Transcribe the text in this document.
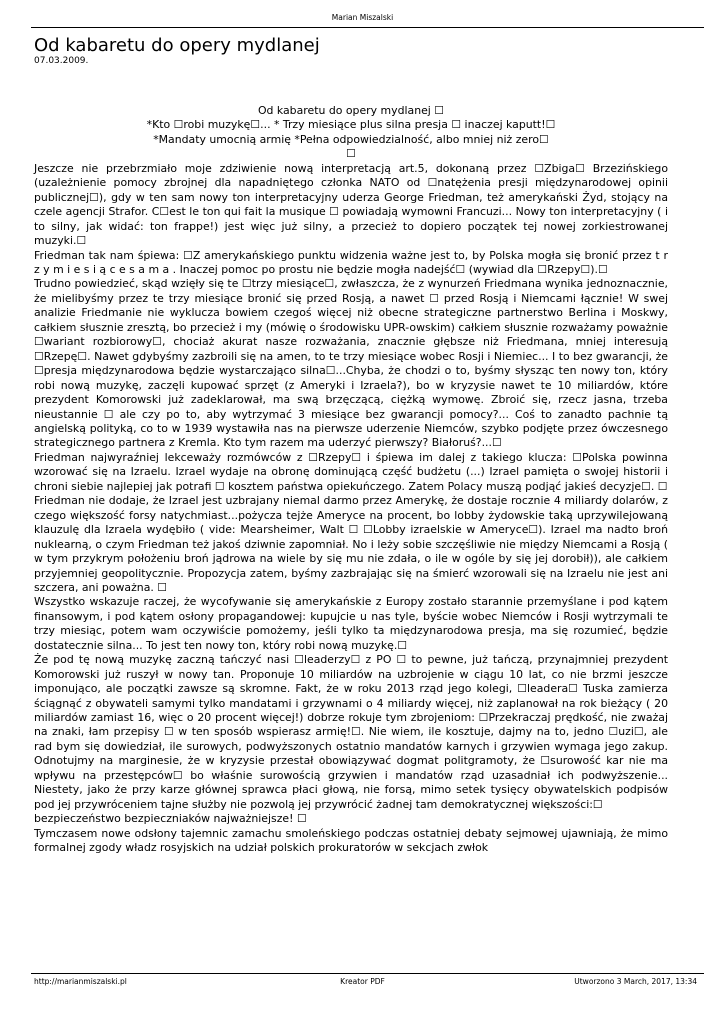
Marian Miszalski
Od kabaretu do opery mydlanej
07.03.2009.

Od kabaretu do opery mydlanej ☐

*Kto ☐robi muzykę☐... * Trzy miesiące plus silna presja ☐ inaczej kaputt!☐

*Mandaty umocnią armię *Pełna odpowiedzialność, albo mniej niż zero☐

☐

Jeszcze nie przebrzmiało moje zdziwienie nową interpretacją art.5, dokonaną przez ☐Zbiga☐ Brzezińskiego (uzależnienie pomocy zbrojnej dla napadniętego członka NATO od ☐natężenia presji międzynarodowej opinii publicznej☐), gdy w ten sam nowy ton interpretacyjny uderza George Friedman, też amerykański Żyd, stojący na czele agencji Strafor. C☐est le ton qui fait la musique ☐ powiadają wymowni Francuzi... Nowy ton interpretacyjny ( i to silny, jak widać: ton frappe!) jest więc już silny, a przecież to dopiero początek tej nowej zorkiestrowanej muzyki.☐

Friedman tak nam śpiewa: ☐Z amerykańskiego punktu widzenia ważne jest to, by Polska mogła się bronić przez t r z y m i e s i ą c e s a m a . Inaczej pomoc po prostu nie będzie mogła nadejść☐ (wywiad dla ☐Rzepy☐).☐

Trudno powiedzieć, skąd wzięły się te ☐trzy miesiące☐, zwłaszcza, że z wynurzeń Friedmana wynika jednoznacznie, że mielibyśmy przez te trzy miesiące bronić się przed Rosją, a nawet ☐ przed Rosją i Niemcami łącznie! W swej analizie Friedmanie nie wyklucza bowiem czegoś więcej niż obecne strategiczne partnerstwo Berlina i Moskwy, całkiem słusznie zresztą, bo przecież i my (mówię o środowisku UPR-owskim) całkiem słusznie rozważamy poważnie ☐wariant rozbiorowy☐, chociaż akurat nasze rozważania, znacznie głębsze niż Friedmana, mniej interesują ☐Rzepę☐. Nawet gdybyśmy zazbroili się na amen, to te trzy miesiące wobec Rosji i Niemiec... I to bez gwarancji, że ☐presja międzynarodowa będzie wystarczająco silna☐...Chyba, że chodzi o to, byśmy słysząc ten nowy ton, który robi nową muzykę, zaczęli kupować sprzęt (z Ameryki i Izraela?), bo w kryzysie nawet te 10 miliardów, które prezydent Komorowski już zadeklarował, ma swą brzęczącą, ciężką wymowę. Zbroić się, rzecz jasna, trzeba nieustannie ☐ ale czy po to, aby wytrzymać 3 miesiące bez gwarancji pomocy?... Coś to zanadto pachnie tą angielską polityką, co to w 1939 wystawiła nas na pierwsze uderzenie Niemców, szybko podjęte przez ówczesnego strategicznego partnera z Kremla. Kto tym razem ma uderzyć pierwszy? Białoruś?...☐

Friedman najwyraźniej lekceważy rozmówców z ☐Rzepy☐ i śpiewa im dalej z takiego klucza: ☐Polska powinna wzorować się na Izraelu. Izrael wydaje na obronę dominującą część budżetu (...) Izrael pamięta o swojej historii i chroni siebie najlepiej jak potrafi ☐ kosztem państwa opiekuńczego. Zatem Polacy muszą podjąć jakieś decyzje☐. ☐

Friedman nie dodaje, że Izrael jest uzbrajany niemal darmo przez Amerykę, że dostaje rocznie 4 miliardy dolarów, z czego większość forsy natychmiast...pożycza tejże Ameryce na procent, bo lobby żydowskie taką uprzywilejowaną klauzulę dla Izraela wydębiło ( vide: Mearsheimer, Walt ☐ ☐Lobby izraelskie w Ameryce☐). Izrael ma nadto broń nuklearną, o czym Friedman też jakoś dziwnie zapomniał. No i leży sobie szczęśliwie nie między Niemcami a Rosją ( w tym przykrym położeniu broń jądrowa na wiele by się mu nie zdała, o ile w ogóle by się jej dorobił)), ale całkiem przyjemniej geopolitycznie. Propozycja zatem, byśmy zazbrajając się na śmierć wzorowali się na Izraelu nie jest ani szczera, ani poważna. ☐

Wszystko wskazuje raczej, że wycofywanie się amerykańskie z Europy zostało starannie przemyślane i pod kątem finansowym, i pod kątem osłony propagandowej: kupujcie u nas tyle, byście wobec Niemców i Rosji wytrzymali te trzy miesiąc, potem wam oczywiście pomożemy, jeśli tylko ta międzynarodowa presja, ma się rozumieć, będzie dostatecznie silna... To jest ten nowy ton, który robi nową muzykę.☐

Że pod tę nową muzykę zaczną tańczyć nasi ☐leaderzy☐ z PO ☐ to pewne, już tańczą, przynajmniej prezydent Komorowski już ruszył w nowy tan. Proponuje 10 miliardów na uzbrojenie w ciągu 10 lat, co nie brzmi jeszcze imponująco, ale początki zawsze są skromne. Fakt, że w roku 2013 rząd jego kolegi, ☐leadera☐ Tuska zamierza ściągnąć z obywateli samymi tylko mandatami i grzywnami o 4 miliardy więcej, niż zaplanował na rok bieżący ( 20 miliardów zamiast 16, więc o 20 procent więcej!) dobrze rokuje tym zbrojeniom: ☐Przekraczaj prędkość, nie zważaj na znaki, łam przepisy ☐ w ten sposób wspierasz armię!☐. Nie wiem, ile kosztuje, dajmy na to, jedno ☐uzi☐, ale rad bym się dowiedział, ile surowych, podwyższonych ostatnio mandatów karnych i grzywien wymaga jego zakup. Odnotujmy na marginesie, że w kryzysie przestał obowiązywać dogmat politgramoty, że ☐surowość kar nie ma wpływu na przestępców☐ bo właśnie surowością grzywien i mandatów rząd uzasadniał ich podwyższenie... Niestety, jako że przy karze głównej sprawca płaci głową, nie forsą, mimo setek tysięcy obywatelskich podpisów pod jej przywróceniem tajne służby nie pozwolą jej przywrócić żadnej tam demokratycznej większości:☐

bezpieczeństwo bezpieczniaków najważniejsze! ☐

Tymczasem nowe odsłony tajemnic zamachu smoleńskiego podczas ostatniej debaty sejmowej ujawniają, że mimo formalnej zgody władz rosyjskich na udział polskich prokuratorów w sekcjach zwłok

http://marianmiszalski.pl	Kreator PDF	Utworzono 3 March, 2017, 13:34
